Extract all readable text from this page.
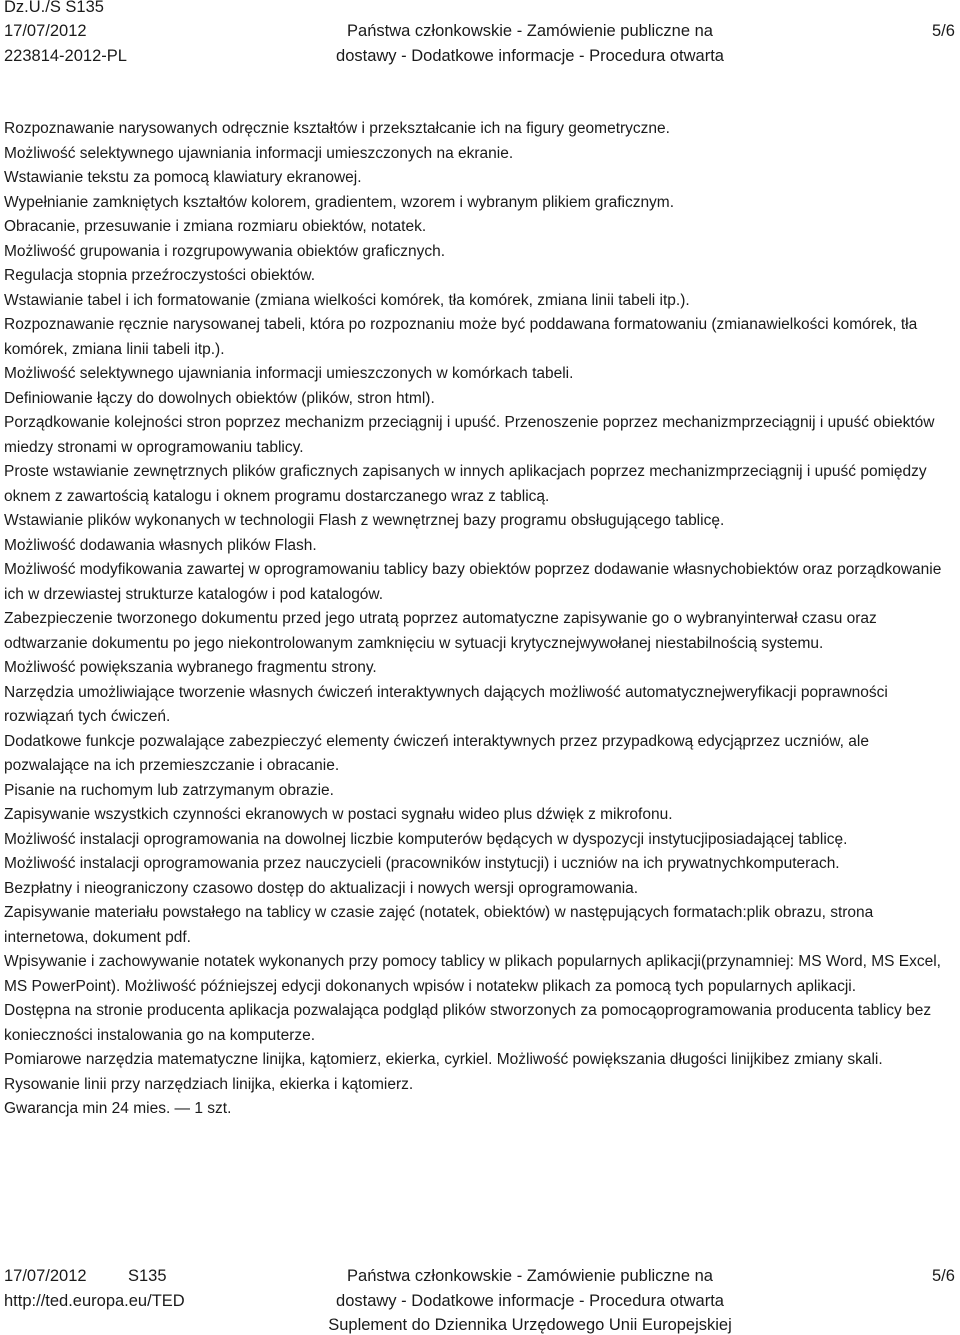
Dz.U./S S135
17/07/2012
223814-2012-PL
Państwa członkowskie - Zamówienie publiczne na
dostawy - Dodatkowe informacje - Procedura otwarta
5/6

Rozpoznawanie narysowanych odręcznie kształtów i przekształcanie ich na figury geometryczne.

Możliwość selektywnego ujawniania informacji umieszczonych na ekranie.

Wstawianie tekstu za pomocą klawiatury ekranowej.

Wypełnianie zamkniętych kształtów kolorem, gradientem, wzorem i wybranym plikiem graficznym.

Obracanie, przesuwanie i zmiana rozmiaru obiektów, notatek.

Możliwość grupowania i rozgrupowywania obiektów graficznych.

Regulacja stopnia przeźroczystości obiektów.

Wstawianie tabel i ich formatowanie (zmiana wielkości komórek, tła komórek, zmiana linii tabeli itp.).

Rozpoznawanie ręcznie narysowanej tabeli, która po rozpoznaniu może być poddawana formatowaniu (zmianawielkości komórek, tła komórek, zmiana linii tabeli itp.).

Możliwość selektywnego ujawniania informacji umieszczonych w komórkach tabeli.

Definiowanie łączy do dowolnych obiektów (plików, stron html).

Porządkowanie kolejności stron poprzez mechanizm przeciągnij i upuść. Przenoszenie poprzez mechanizmprzeciągnij i upuść obiektów miedzy stronami w oprogramowaniu tablicy.

Proste wstawianie zewnętrznych plików graficznych zapisanych w innych aplikacjach poprzez mechanizmprzeciągnij i upuść pomiędzy oknem z zawartością katalogu i oknem programu dostarczanego wraz z tablicą.

Wstawianie plików wykonanych w technologii Flash z wewnętrznej bazy programu obsługującego tablicę.

Możliwość dodawania własnych plików Flash.

Możliwość modyfikowania zawartej w oprogramowaniu tablicy bazy obiektów poprzez dodawanie własnychobiektów oraz porządkowanie ich w drzewiastej strukturze katalogów i pod katalogów.

Zabezpieczenie tworzonego dokumentu przed jego utratą poprzez automatyczne zapisywanie go o wybranyinterwał czasu oraz odtwarzanie dokumentu po jego niekontrolowanym zamknięciu w sytuacji krytycznejwywołanej niestabilnością systemu.

Możliwość powiększania wybranego fragmentu strony.

Narzędzia umożliwiające tworzenie własnych ćwiczeń interaktywnych dających możliwość automatycznejweryfikacji poprawności rozwiązań tych ćwiczeń.

Dodatkowe funkcje pozwalające zabezpieczyć elementy ćwiczeń interaktywnych przez przypadkową edycjąprzez uczniów, ale pozwalające na ich przemieszczanie i obracanie.

Pisanie na ruchomym lub zatrzymanym obrazie.

Zapisywanie wszystkich czynności ekranowych w postaci sygnału wideo plus dźwięk z mikrofonu.

Możliwość instalacji oprogramowania na dowolnej liczbie komputerów będących w dyspozycji instytucjiposiadającej tablicę.

Możliwość instalacji oprogramowania przez nauczycieli (pracowników instytucji) i uczniów na ich prywatnychkomputerach.

Bezpłatny i nieograniczony czasowo dostęp do aktualizacji i nowych wersji oprogramowania.

Zapisywanie materiału powstałego na tablicy w czasie zajęć (notatek, obiektów) w następujących formatach:plik obrazu, strona internetowa, dokument pdf.

Wpisywanie i zachowywanie notatek wykonanych przy pomocy tablicy w plikach popularnych aplikacji(przynamniej: MS Word, MS Excel, MS PowerPoint). Możliwość późniejszej edycji dokonanych wpisów i notatekw plikach za pomocą tych popularnych aplikacji.

Dostępna na stronie producenta aplikacja pozwalająca podgląd plików stworzonych za pomocąoprogramowania producenta tablicy bez konieczności instalowania go na komputerze.

Pomiarowe narzędzia matematyczne linijka, kątomierz, ekierka, cyrkiel. Możliwość powiększania długości linijkibez zmiany skali. Rysowanie linii przy narzędziach linijka, ekierka i kątomierz.

Gwarancja min 24 mies. — 1 szt.

17/07/2012	S135
http://ted.europa.eu/TED
Państwa członkowskie - Zamówienie publiczne na
dostawy - Dodatkowe informacje - Procedura otwarta
Suplement do Dziennika Urzędowego Unii Europejskiej
5/6
